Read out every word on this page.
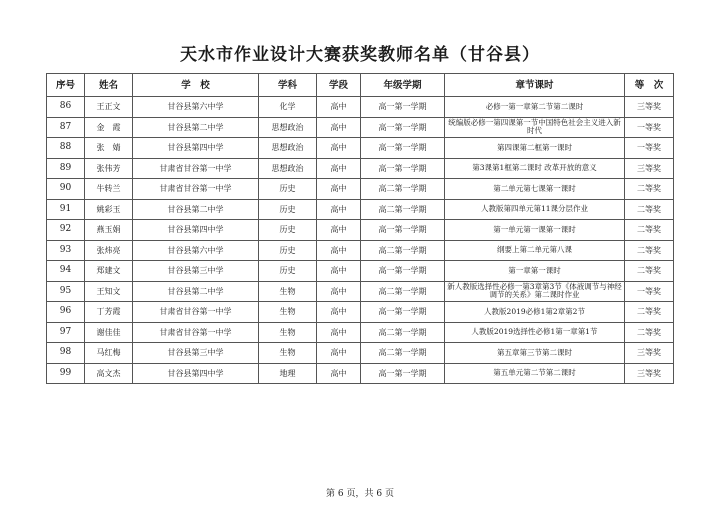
天水市作业设计大赛获奖教师名单（甘谷县）
序号	姓名	学　校	学科	学段	年级学期	章节课时	等　次
86	王正文	甘谷县第六中学	化学	高中	高一第一学期	必修一第一章第二节第二课时	三等奖
87	金　霞	甘谷县第二中学	思想政治	高中	高一第一学期	统编版必修一第四课第一节中国特色社会主义进入新时代	一等奖
88	张　婧	甘谷县第四中学	思想政治	高中	高一第一学期	第四课第二框第一课时	一等奖
89	张伟芳	甘肃省甘谷第一中学	思想政治	高中	高一第一学期	第3课第1框第二课时 改革开放的意义	三等奖
90	牛转兰	甘肃省甘谷第一中学	历史	高中	高二第一学期	第二单元第七课第一课时	二等奖
91	姚彩玉	甘谷县第二中学	历史	高中	高二第一学期	人教版第四单元第11课分层作业	二等奖
92	燕玉娟	甘谷县第四中学	历史	高中	高一第一学期	第一单元第一课第一课时	二等奖
93	张炜亮	甘谷县第六中学	历史	高中	高二第一学期	纲要上第二单元第八课	二等奖
94	郑建文	甘谷县第三中学	历史	高中	高一第一学期	第一章第一课时	二等奖
95	王知文	甘谷县第二中学	生物	高中	高二第一学期	新人教版选择性必修一第3章第3节《体液调节与神经调节的关系》第二课时作业	一等奖
96	丁芳霞	甘肃省甘谷第一中学	生物	高中	高一第一学期	人教版2019必修1第2章第2节	二等奖
97	谢佳佳	甘肃省甘谷第一中学	生物	高中	高二第一学期	人教版2019选择性必修1第一章第1节	二等奖
98	马红梅	甘谷县第三中学	生物	高中	高二第一学期	第五章第三节第二课时	三等奖
99	高文杰	甘谷县第四中学	地理	高中	高一第一学期	第五单元第二节第二课时	三等奖
第 6 页，共 6 页
